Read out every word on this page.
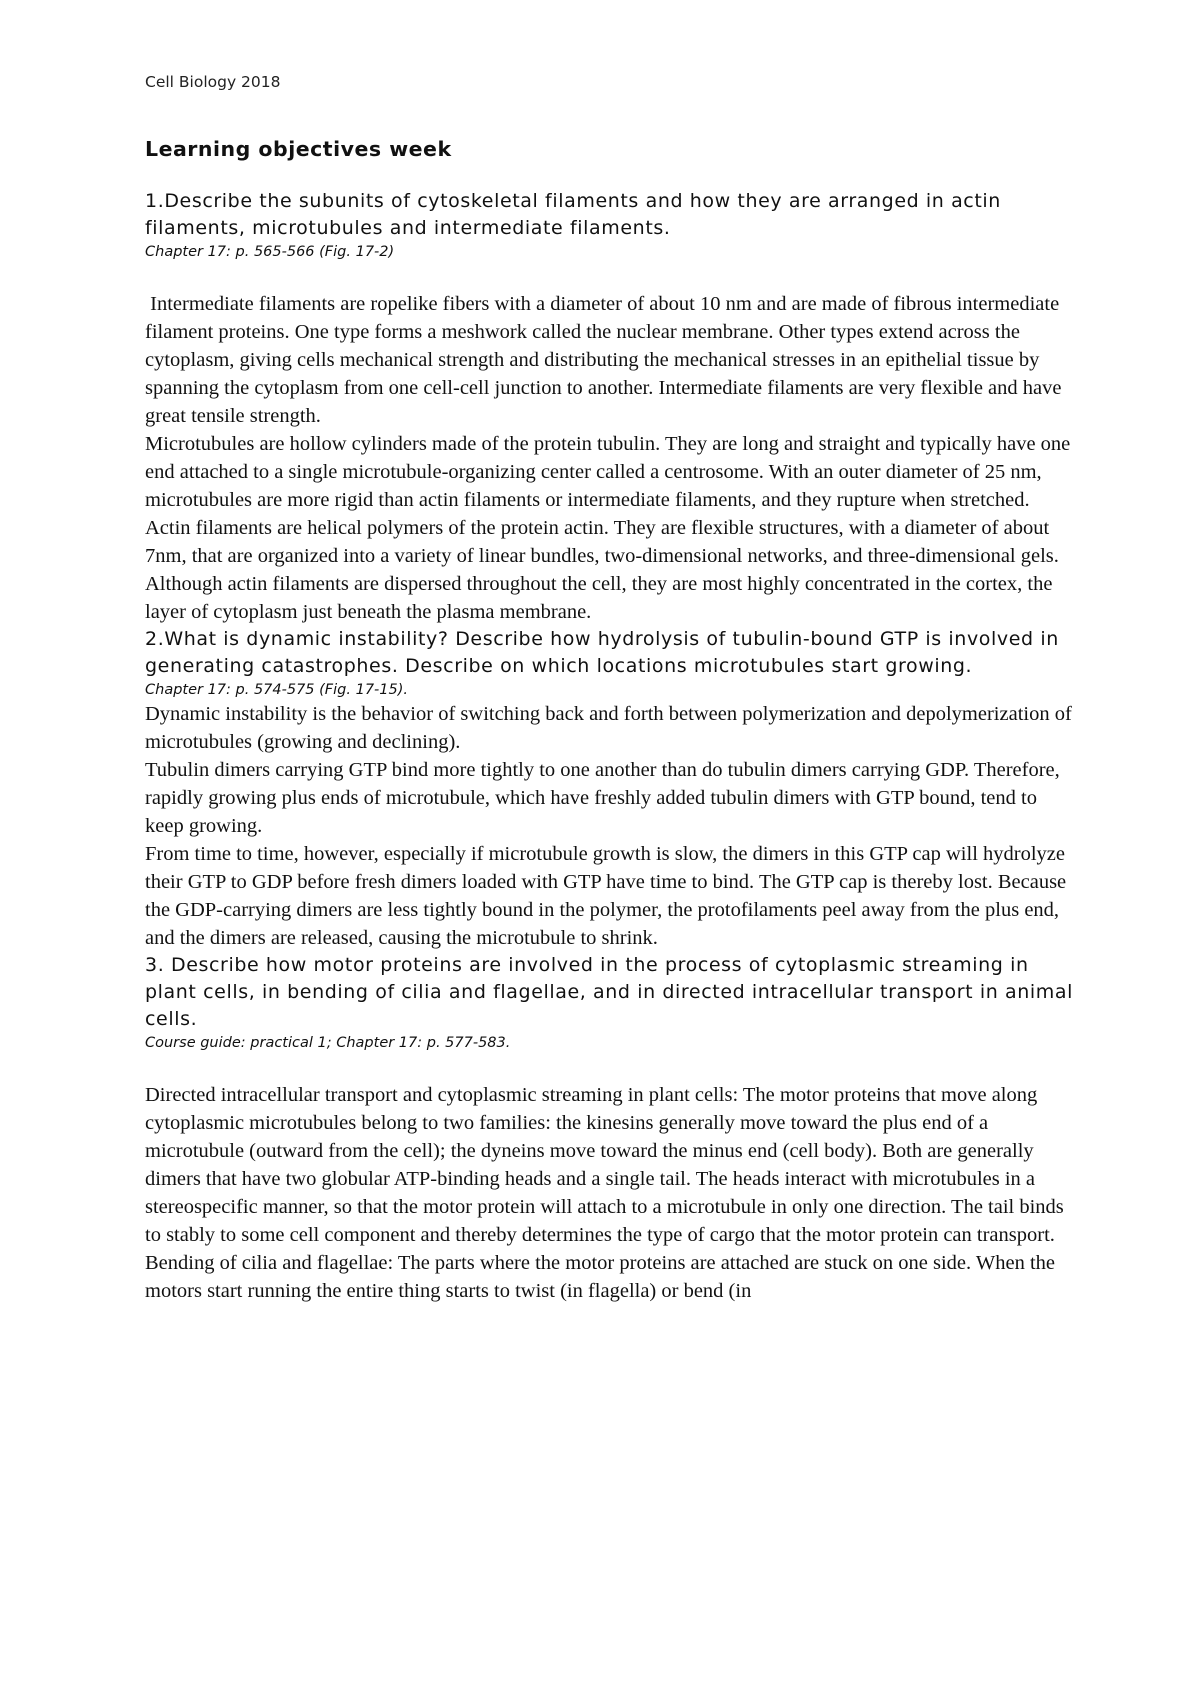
Cell Biology 2018
Learning objectives week
1.Describe the subunits of cytoskeletal filaments and how they are arranged in actin filaments, microtubules and intermediate filaments.
Chapter 17: p. 565-566 (Fig. 17-2)
Intermediate filaments are ropelike fibers with a diameter of about 10 nm and are made of fibrous intermediate filament proteins. One type forms a meshwork called the nuclear membrane. Other types extend across the cytoplasm, giving cells mechanical strength and distributing the mechanical stresses in an epithelial tissue by spanning the cytoplasm from one cell-cell junction to another. Intermediate filaments are very flexible and have great tensile strength.
Microtubules are hollow cylinders made of the protein tubulin. They are long and straight and typically have one end attached to a single microtubule-organizing center called a centrosome. With an outer diameter of 25 nm, microtubules are more rigid than actin filaments or intermediate filaments, and they rupture when stretched.
Actin filaments are helical polymers of the protein actin. They are flexible structures, with a diameter of about 7nm, that are organized into a variety of linear bundles, two-dimensional networks, and three-dimensional gels. Although actin filaments are dispersed throughout the cell, they are most highly concentrated in the cortex, the layer of cytoplasm just beneath the plasma membrane.
2.What is dynamic instability? Describe how hydrolysis of tubulin-bound GTP is involved in generating catastrophes. Describe on which locations microtubules start growing.
Chapter 17: p. 574-575 (Fig. 17-15).
Dynamic instability is the behavior of switching back and forth between polymerization and depolymerization of microtubules (growing and declining).
Tubulin dimers carrying GTP bind more tightly to one another than do tubulin dimers carrying GDP. Therefore, rapidly growing plus ends of microtubule, which have freshly added tubulin dimers with GTP bound, tend to keep growing.
From time to time, however, especially if microtubule growth is slow, the dimers in this GTP cap will hydrolyze their GTP to GDP before fresh dimers loaded with GTP have time to bind. The GTP cap is thereby lost. Because the GDP-carrying dimers are less tightly bound in the polymer, the protofilaments peel away from the plus end, and the dimers are released, causing the microtubule to shrink.
3. Describe how motor proteins are involved in the process of cytoplasmic streaming in plant cells, in bending of cilia and flagellae, and in directed intracellular transport in animal cells.
Course guide: practical 1; Chapter 17: p. 577-583.
Directed intracellular transport and cytoplasmic streaming in plant cells: The motor proteins that move along cytoplasmic microtubules belong to two families: the kinesins generally move toward the plus end of a microtubule (outward from the cell); the dyneins move toward the minus end (cell body). Both are generally dimers that have two globular ATP-binding heads and a single tail. The heads interact with microtubules in a stereospecific manner, so that the motor protein will attach to a microtubule in only one direction. The tail binds to stably to some cell component and thereby determines the type of cargo that the motor protein can transport.
Bending of cilia and flagellae: The parts where the motor proteins are attached are stuck on one side. When the motors start running the entire thing starts to twist (in flagella) or bend (in
